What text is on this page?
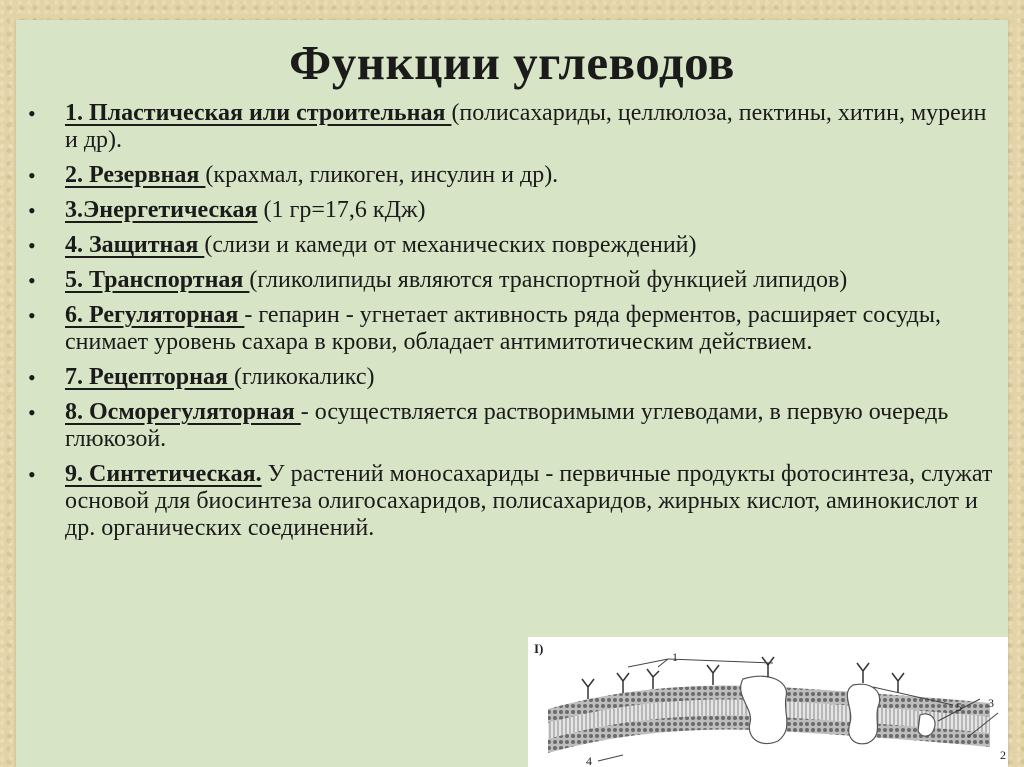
Функции углеводов
• 1. Пластическая или строительная (полисахариды, целлюлоза, пектины, хитин, муреин и др).
• 2. Резервная (крахмал, гликоген, инсулин и др).
• 3.Энергетическая (1 гр=17,6 кДж)
• 4. Защитная (слизи и камеди от механических повреждений)
• 5. Транспортная (гликолипиды являются транспортной функцией липидов)
• 6. Регуляторная - гепарин - угнетает активность ряда ферментов, расширяет сосуды, снимает уровень сахара в крови, обладает антимитотическим действием.
• 7. Рецепторная (гликокаликс)
• 8. Осморегуляторная - осуществляется растворимыми углеводами, в первую очередь глюкозой.
• 9. Синтетическая. У растений моносахариды - первичные продукты фотосинтеза, служат основой для биосинтеза олигосахаридов, полисахаридов, жирных кислот, аминокислот и др. органических соединений.
I)
1
2
3
4
5
